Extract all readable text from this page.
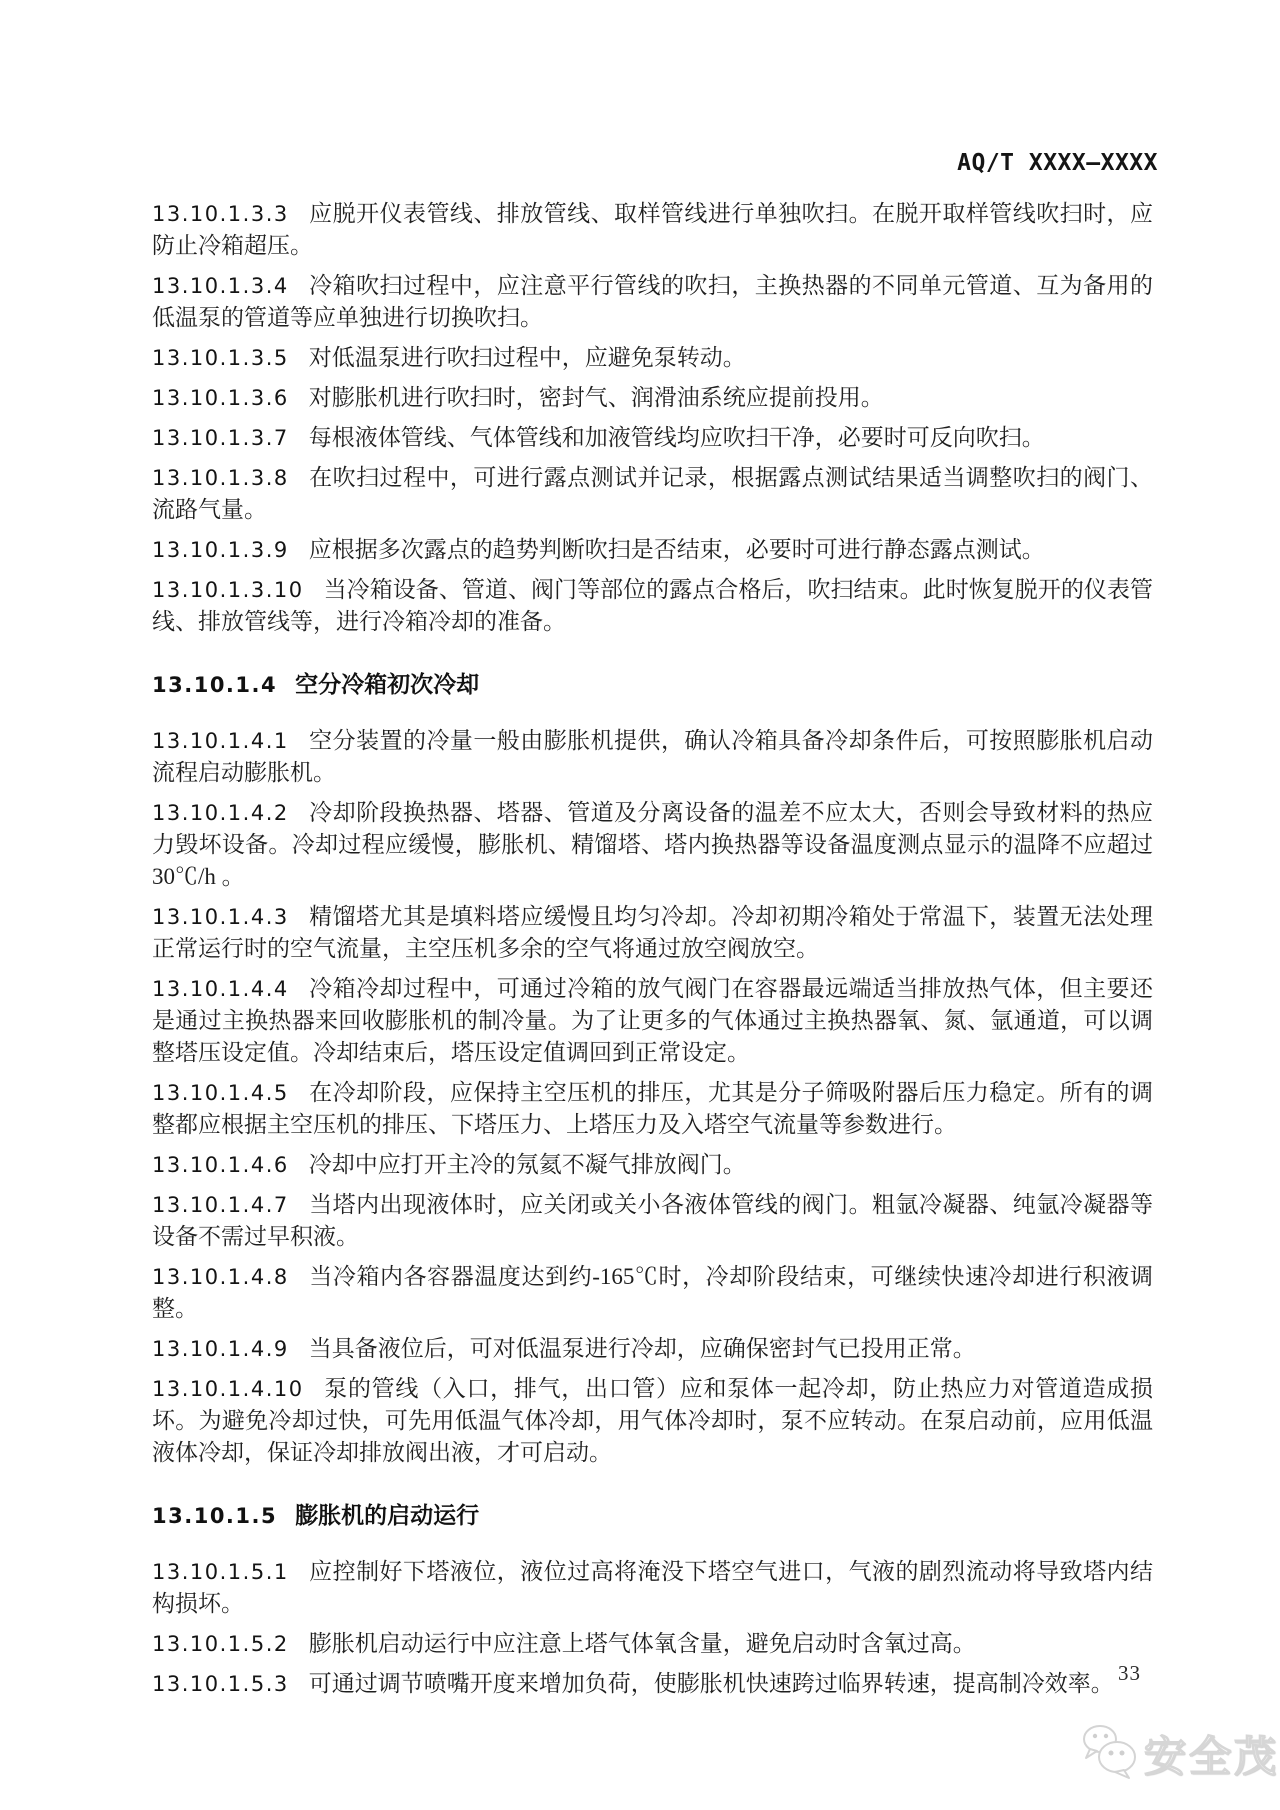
AQ/T XXXX—XXXX

13.10.1.3.3 应脱开仪表管线、排放管线、取样管线进行单独吹扫。在脱开取样管线吹扫时，应防止冷箱超压。

13.10.1.3.4 冷箱吹扫过程中，应注意平行管线的吹扫，主换热器的不同单元管道、互为备用的低温泵的管道等应单独进行切换吹扫。

13.10.1.3.5 对低温泵进行吹扫过程中，应避免泵转动。

13.10.1.3.6 对膨胀机进行吹扫时，密封气、润滑油系统应提前投用。

13.10.1.3.7 每根液体管线、气体管线和加液管线均应吹扫干净，必要时可反向吹扫。

13.10.1.3.8 在吹扫过程中，可进行露点测试并记录，根据露点测试结果适当调整吹扫的阀门、流路气量。

13.10.1.3.9 应根据多次露点的趋势判断吹扫是否结束，必要时可进行静态露点测试。

13.10.1.3.10 当冷箱设备、管道、阀门等部位的露点合格后，吹扫结束。此时恢复脱开的仪表管线、排放管线等，进行冷箱冷却的准备。

13.10.1.4 空分冷箱初次冷却

13.10.1.4.1 空分装置的冷量一般由膨胀机提供，确认冷箱具备冷却条件后，可按照膨胀机启动流程启动膨胀机。

13.10.1.4.2 冷却阶段换热器、塔器、管道及分离设备的温差不应太大，否则会导致材料的热应力毁坏设备。冷却过程应缓慢，膨胀机、精馏塔、塔内换热器等设备温度测点显示的温降不应超过 30℃/h 。

13.10.1.4.3 精馏塔尤其是填料塔应缓慢且均匀冷却。冷却初期冷箱处于常温下，装置无法处理正常运行时的空气流量，主空压机多余的空气将通过放空阀放空。

13.10.1.4.4 冷箱冷却过程中，可通过冷箱的放气阀门在容器最远端适当排放热气体，但主要还是通过主换热器来回收膨胀机的制冷量。为了让更多的气体通过主换热器氧、氮、氩通道，可以调整塔压设定值。冷却结束后，塔压设定值调回到正常设定。

13.10.1.4.5 在冷却阶段，应保持主空压机的排压，尤其是分子筛吸附器后压力稳定。所有的调整都应根据主空压机的排压、下塔压力、上塔压力及入塔空气流量等参数进行。

13.10.1.4.6 冷却中应打开主冷的氖氦不凝气排放阀门。

13.10.1.4.7 当塔内出现液体时，应关闭或关小各液体管线的阀门。粗氩冷凝器、纯氩冷凝器等设备不需过早积液。

13.10.1.4.8 当冷箱内各容器温度达到约-165℃时，冷却阶段结束，可继续快速冷却进行积液调整。

13.10.1.4.9 当具备液位后，可对低温泵进行冷却，应确保密封气已投用正常。

13.10.1.4.10 泵的管线（入口，排气，出口管）应和泵体一起冷却，防止热应力对管道造成损坏。为避免冷却过快，可先用低温气体冷却，用气体冷却时，泵不应转动。在泵启动前，应用低温液体冷却，保证冷却排放阀出液，才可启动。

13.10.1.5 膨胀机的启动运行

13.10.1.5.1 应控制好下塔液位，液位过高将淹没下塔空气进口，气液的剧烈流动将导致塔内结构损坏。

13.10.1.5.2 膨胀机启动运行中应注意上塔气体氧含量，避免启动时含氧过高。

13.10.1.5.3 可通过调节喷嘴开度来增加负荷，使膨胀机快速跨过临界转速，提高制冷效率。 33
安全茂
